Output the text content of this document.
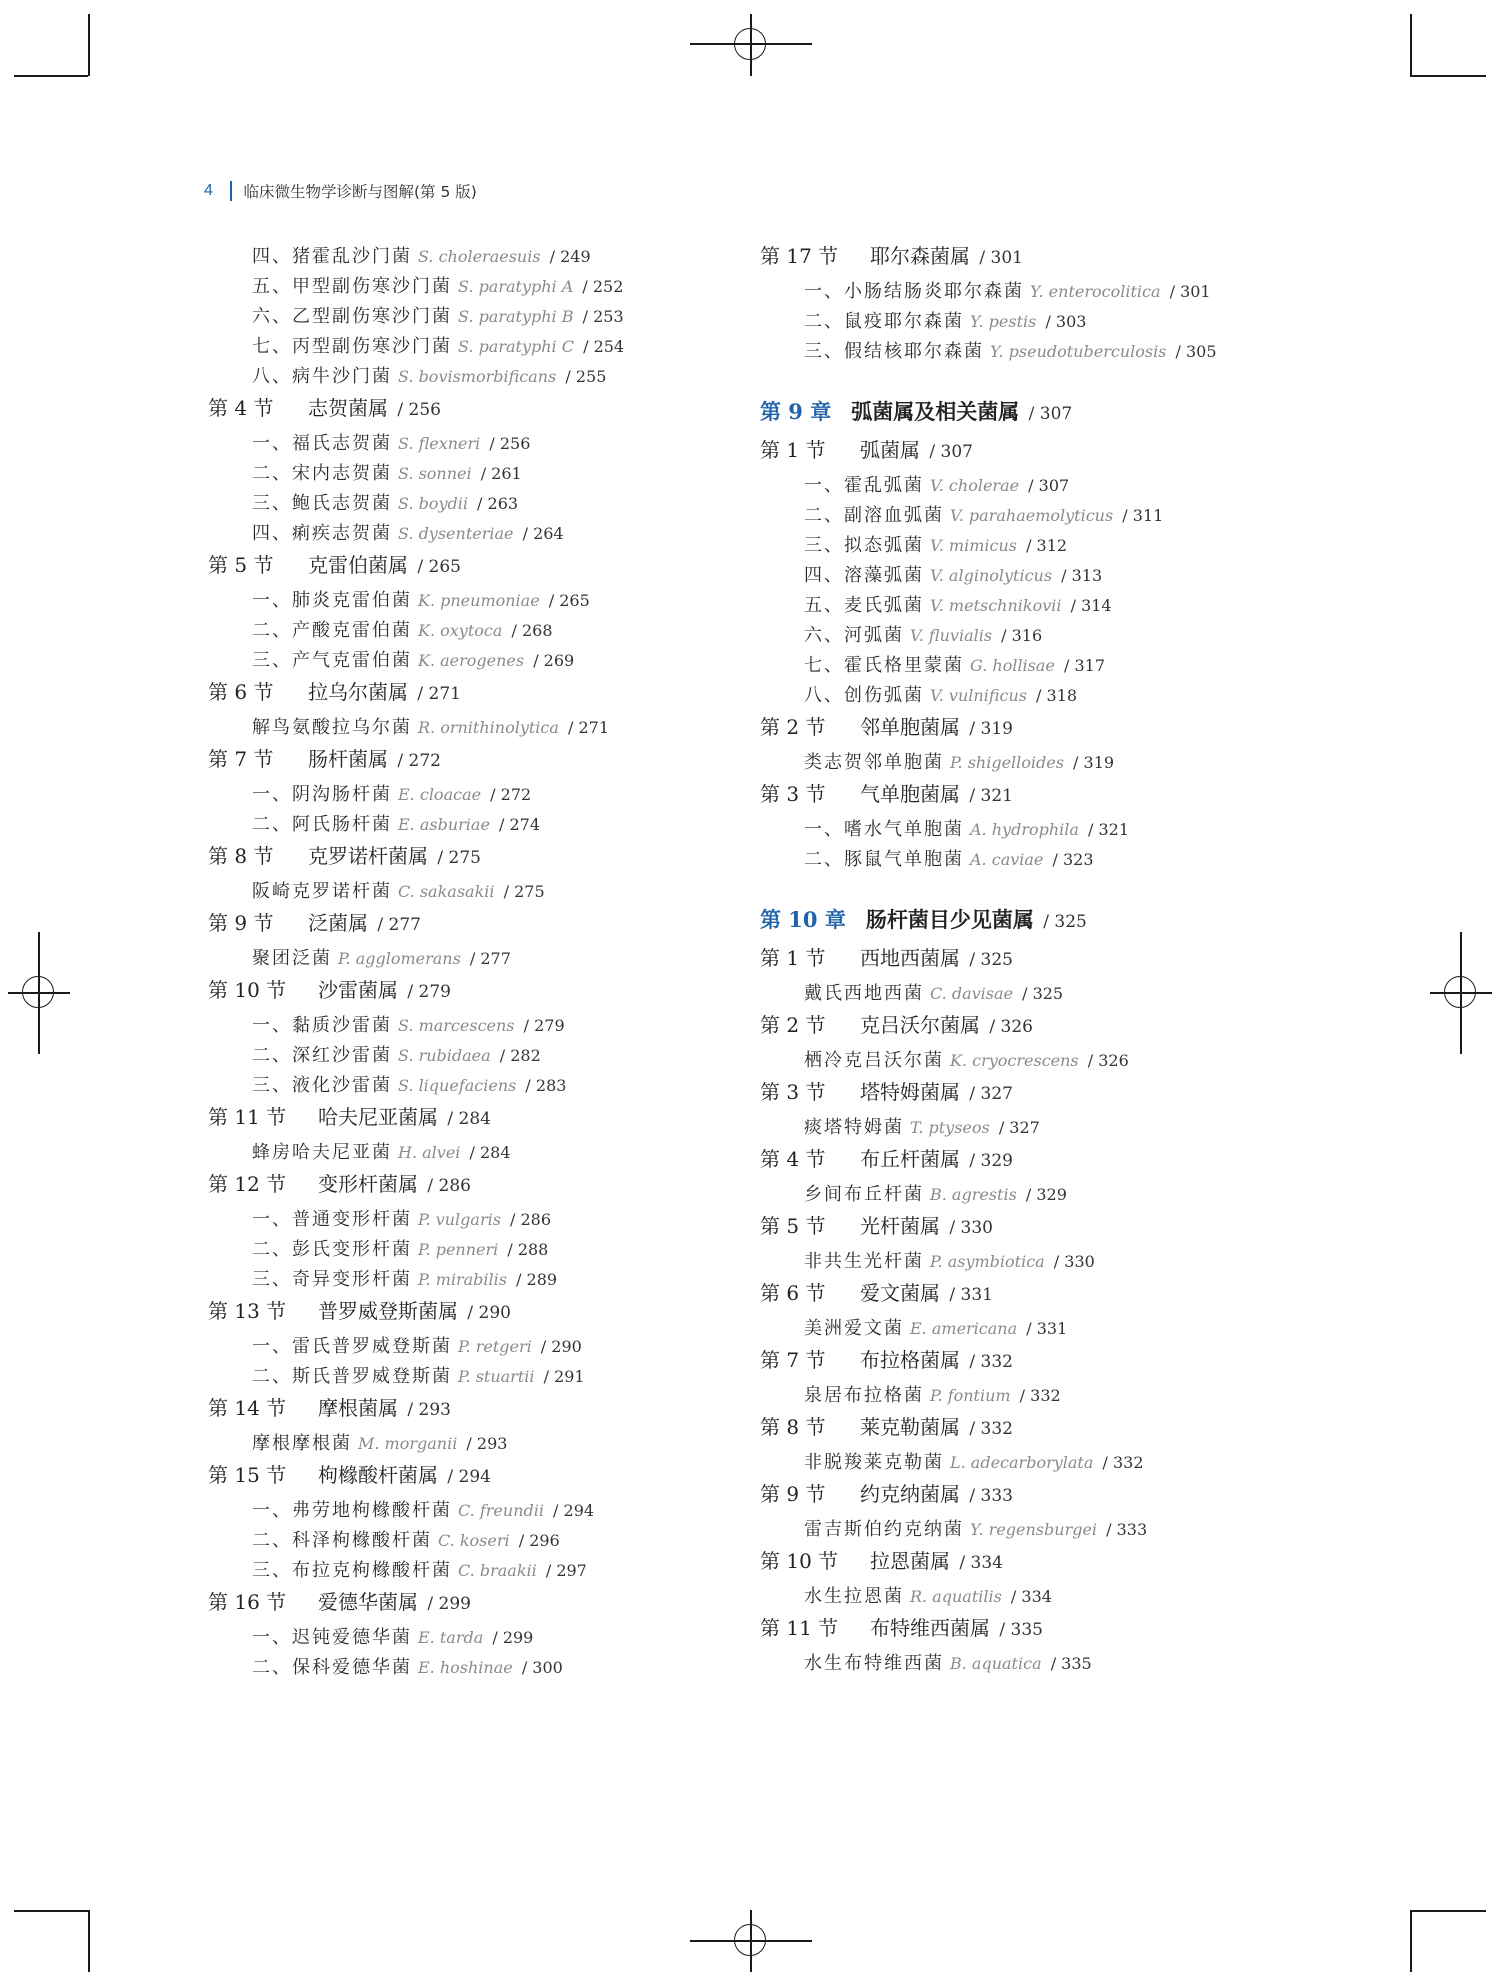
4	临床微生物学诊断与图解(第 5 版)
四、猪霍乱沙门菌 S. choleraesuis / 249
五、甲型副伤寒沙门菌 S. paratyphi A / 252
六、乙型副伤寒沙门菌 S. paratyphi B / 253
七、丙型副伤寒沙门菌 S. paratyphi C / 254
八、病牛沙门菌 S. bovismorbificans / 255
第 4 节 志贺菌属 / 256
一、福氏志贺菌 S. flexneri / 256
二、宋内志贺菌 S. sonnei / 261
三、鲍氏志贺菌 S. boydii / 263
四、痢疾志贺菌 S. dysenteriae / 264
第 5 节 克雷伯菌属 / 265
一、肺炎克雷伯菌 K. pneumoniae / 265
二、产酸克雷伯菌 K. oxytoca / 268
三、产气克雷伯菌 K. aerogenes / 269
第 6 节 拉乌尔菌属 / 271
解鸟氨酸拉乌尔菌 R. ornithinolytica / 271
第 7 节 肠杆菌属 / 272
一、阴沟肠杆菌 E. cloacae / 272
二、阿氏肠杆菌 E. asburiae / 274
第 8 节 克罗诺杆菌属 / 275
阪崎克罗诺杆菌 C. sakasakii / 275
第 9 节 泛菌属 / 277
聚团泛菌 P. agglomerans / 277
第 10 节 沙雷菌属 / 279
一、黏质沙雷菌 S. marcescens / 279
二、深红沙雷菌 S. rubidaea / 282
三、液化沙雷菌 S. liquefaciens / 283
第 11 节 哈夫尼亚菌属 / 284
蜂房哈夫尼亚菌 H. alvei / 284
第 12 节 变形杆菌属 / 286
一、普通变形杆菌 P. vulgaris / 286
二、彭氏变形杆菌 P. penneri / 288
三、奇异变形杆菌 P. mirabilis / 289
第 13 节 普罗威登斯菌属 / 290
一、雷氏普罗威登斯菌 P. retgeri / 290
二、斯氏普罗威登斯菌 P. stuartii / 291
第 14 节 摩根菌属 / 293
摩根摩根菌 M. morganii / 293
第 15 节 枸橼酸杆菌属 / 294
一、弗劳地枸橼酸杆菌 C. freundii / 294
二、科泽枸橼酸杆菌 C. koseri / 296
三、布拉克枸橼酸杆菌 C. braakii / 297
第 16 节 爱德华菌属 / 299
一、迟钝爱德华菌 E. tarda / 299
二、保科爱德华菌 E. hoshinae / 300
第 17 节 耶尔森菌属 / 301
一、小肠结肠炎耶尔森菌 Y. enterocolitica / 301
二、鼠疫耶尔森菌 Y. pestis / 303
三、假结核耶尔森菌 Y. pseudotuberculosis / 305
第 9 章 弧菌属及相关菌属 / 307
第 1 节 弧菌属 / 307
一、霍乱弧菌 V. cholerae / 307
二、副溶血弧菌 V. parahaemolyticus / 311
三、拟态弧菌 V. mimicus / 312
四、溶藻弧菌 V. alginolyticus / 313
五、麦氏弧菌 V. metschnikovii / 314
六、河弧菌 V. fluvialis / 316
七、霍氏格里蒙菌 G. hollisae / 317
八、创伤弧菌 V. vulnificus / 318
第 2 节 邻单胞菌属 / 319
类志贺邻单胞菌 P. shigelloides / 319
第 3 节 气单胞菌属 / 321
一、嗜水气单胞菌 A. hydrophila / 321
二、豚鼠气单胞菌 A. caviae / 323
第 10 章 肠杆菌目少见菌属 / 325
第 1 节 西地西菌属 / 325
戴氏西地西菌 C. davisae / 325
第 2 节 克吕沃尔菌属 / 326
栖冷克吕沃尔菌 K. cryocrescens / 326
第 3 节 塔特姆菌属 / 327
痰塔特姆菌 T. ptyseos / 327
第 4 节 布丘杆菌属 / 329
乡间布丘杆菌 B. agrestis / 329
第 5 节 光杆菌属 / 330
非共生光杆菌 P. asymbiotica / 330
第 6 节 爱文菌属 / 331
美洲爱文菌 E. americana / 331
第 7 节 布拉格菌属 / 332
泉居布拉格菌 P. fontium / 332
第 8 节 莱克勒菌属 / 332
非脱羧莱克勒菌 L. adecarborylata / 332
第 9 节 约克纳菌属 / 333
雷吉斯伯约克纳菌 Y. regensburgei / 333
第 10 节 拉恩菌属 / 334
水生拉恩菌 R. aquatilis / 334
第 11 节 布特维西菌属 / 335
水生布特维西菌 B. aquatica / 335
